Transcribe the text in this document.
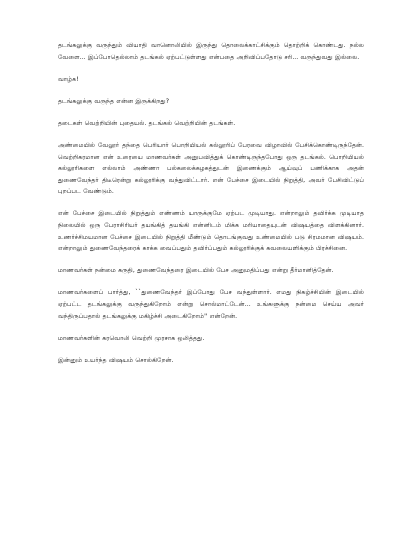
தடங்கலுக்கு வருந்தும் வியாதி வானொலியில் இருந்து தொலைக்காட்சிக்கும் தொற்றிக் கொண்டது. நல்ல வேளை... இப்போதெல்லாம் தடங்கல் ஏற்பட்டுள்ளது என்பதை அறிவிப்பதோடு சரி... வருந்துவது இல்லை.

வாழ்க!

தடங்கலுக்கு வருந்த என்ன இருக்கிறது?

தடைகள் வெற்றியின் புதையல். தடங்கல் வெற்றியின் தடங்கள்.

அண்மையில் வேலூர் தந்தை பெரியார் பொறியியல் கல்லூரிப் பேரவை விழாவில் பேசிக்கொண்டிருந்தேன். வெற்றிகரமான என் உரையை மாணவர்கள் அனுபவித்துக் கொண்டிருந்தபோது ஒரு தடங்கல். பொறியியல் கல்லூரிகளை எல்லாம் அண்ணா பல்கலைக்கழகத்துடன் இணைக்கும் ஆய்வுப் பணிக்காக அதன் துணைவேந்தர் திடீரென்று கல்லூரிக்கு வந்துவிட்டார். என் பேச்சை இடையில் நிறுத்தி, அவர் பேசிவிட்டுப் புறப்பட வேண்டும்.

என் பேச்சை இடையில் நிறுத்தும் எண்ணம் யாருக்குமே ஏற்பட முடியாது. என்றாலும் தவிர்க்க முடியாத நிலையில் ஒரு பேராசிரியர் தயங்கித் தயங்கி என்னிடம் மிக்க மரியாதையுடன் விஷயத்தை விளக்கினார். உணர்ச்சிமயமான பேச்சை இடையில் நிறுத்தி மீண்டும் தொடங்குவது உண்மையில் படு சிரமமான விஷயம். என்றாலும் துணைவேந்தரைக் காக்க வைப்பதும் தவிர்ப்பதும் கல்லூரிக்குக் கவலையளிக்கும் பிரச்சினை.

மாணவர்கள் நன்மை கருதி, துணைவேந்தரை இடையில் பேச அனுமதிப்பது என்று தீர்மானித்தேன்.

மாணவர்களைப் பார்த்து, ``துணைவேந்தர் இப்போது பேச வந்துள்ளார். எமது நிகழ்ச்சியின் இடையில் ஏற்பட்ட தடங்கலுக்கு வருந்துகிறோம் என்று சொல்மாட்டேன்... உங்களுக்கு நன்மை செய்ய அவர் வந்திருப்பதால் தடங்கலுக்கு மகிழ்ச்சி அடைகிறோம்'' என்றேன்.

மாணவர்களின் கரவொலி வெற்றி முரசாக ஒலித்தது.

இன்னும் உயர்ந்த விஷயம் சொல்கிறேன்.
